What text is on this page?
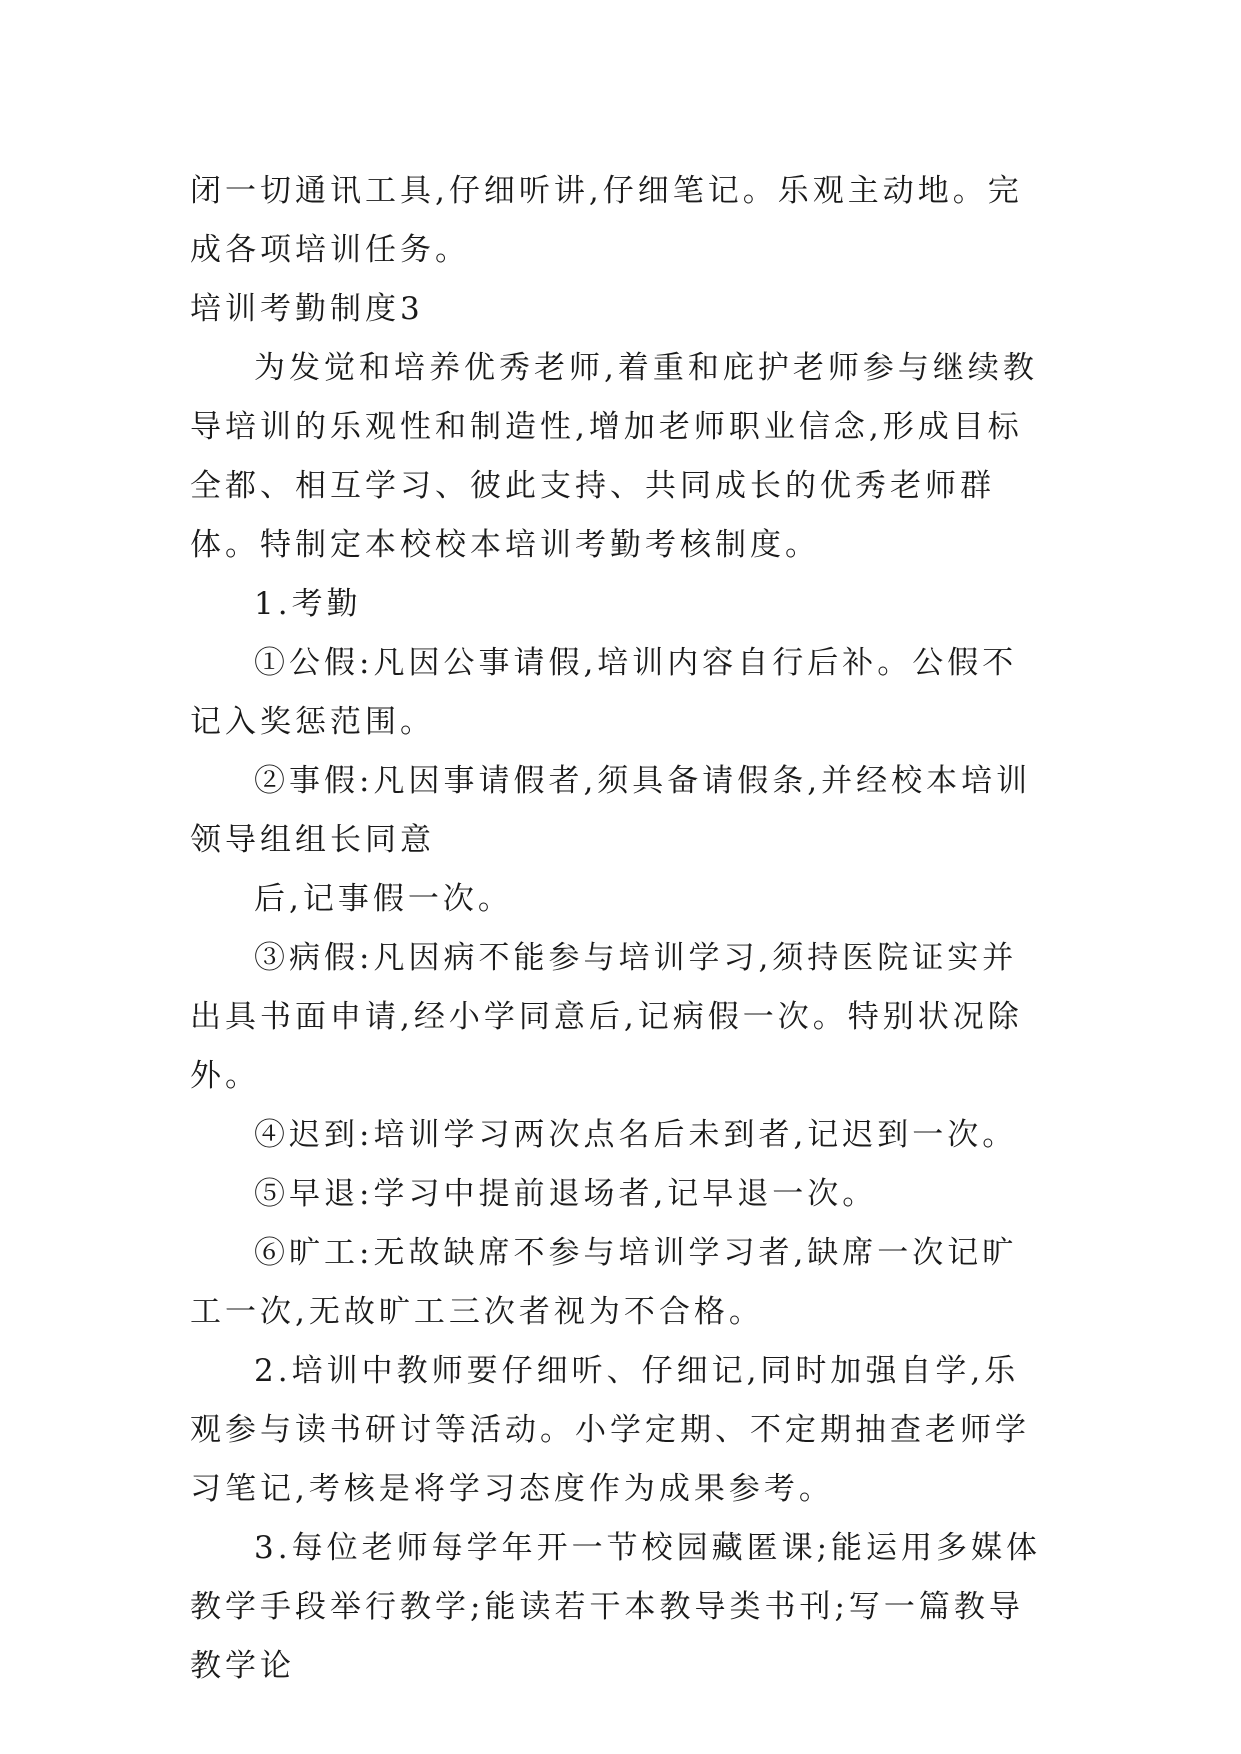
闭一切通讯工具,仔细听讲,仔细笔记。乐观主动地。完成各项培训任务。

培训考勤制度3

为发觉和培养优秀老师,着重和庇护老师参与继续教导培训的乐观性和制造性,增加老师职业信念,形成目标全都、相互学习、彼此支持、共同成长的优秀老师群体。特制定本校校本培训考勤考核制度。

1.考勤

①公假:凡因公事请假,培训内容自行后补。公假不记入奖惩范围。

②事假:凡因事请假者,须具备请假条,并经校本培训领导组组长同意

后,记事假一次。

③病假:凡因病不能参与培训学习,须持医院证实并出具书面申请,经小学同意后,记病假一次。特别状况除外。

④迟到:培训学习两次点名后未到者,记迟到一次。

⑤早退:学习中提前退场者,记早退一次。

⑥旷工:无故缺席不参与培训学习者,缺席一次记旷工一次,无故旷工三次者视为不合格。

2.培训中教师要仔细听、仔细记,同时加强自学,乐观参与读书研讨等活动。小学定期、不定期抽查老师学习笔记,考核是将学习态度作为成果参考。

3.每位老师每学年开一节校园藏匿课;能运用多媒体教学手段举行教学;能读若干本教导类书刊;写一篇教导教学论
